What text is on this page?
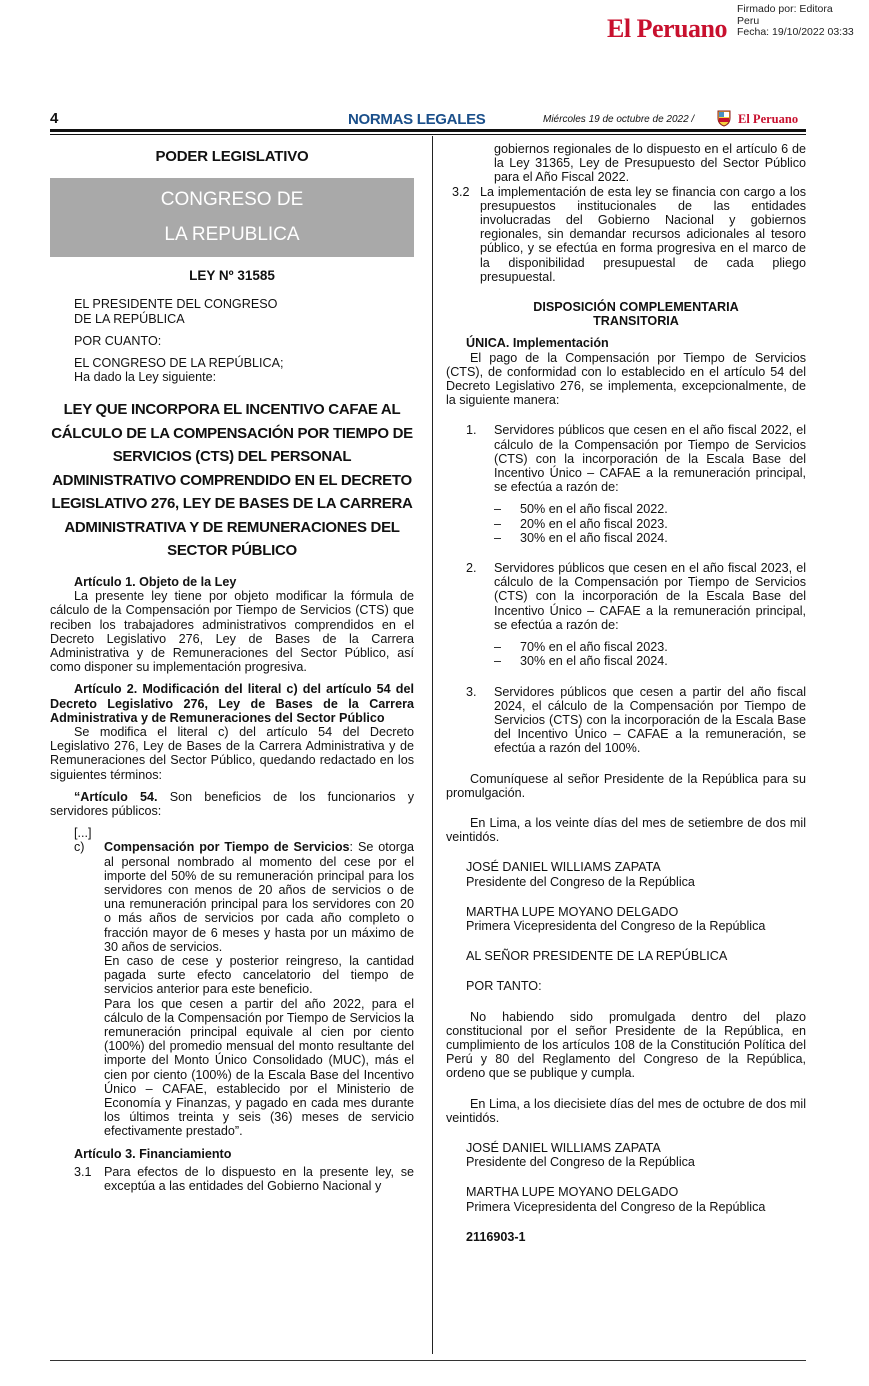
El Peruano
Firmado por: Editora
Peru
Fecha: 19/10/2022 03:33
4	NORMAS LEGALES	Miércoles 19 de octubre de 2022 /	El Peruano
PODER LEGISLATIVO
CONGRESO DE
LA REPUBLICA
LEY Nº 31585

EL PRESIDENTE DEL CONGRESO

DE LA REPÚBLICA

POR CUANTO:

EL CONGRESO DE LA REPÚBLICA;

Ha dado la Ley siguiente:

LEY QUE INCORPORA EL INCENTIVO CAFAE AL CÁLCULO DE LA COMPENSACIÓN POR TIEMPO DE SERVICIOS (CTS) DEL PERSONAL ADMINISTRATIVO COMPRENDIDO EN EL DECRETO LEGISLATIVO 276, LEY DE BASES DE LA CARRERA ADMINISTRATIVA Y DE REMUNERACIONES DEL SECTOR PÚBLICO

Artículo 1. Objeto de la Ley

La presente ley tiene por objeto modificar la fórmula de cálculo de la Compensación por Tiempo de Servicios (CTS) que reciben los trabajadores administrativos comprendidos en el Decreto Legislativo 276, Ley de Bases de la Carrera Administrativa y de Remuneraciones del Sector Público, así como disponer su implementación progresiva.

Artículo 2. Modificación del literal c) del artículo 54 del Decreto Legislativo 276, Ley de Bases de la Carrera Administrativa y de Remuneraciones del Sector Público

Se modifica el literal c) del artículo 54 del Decreto Legislativo 276, Ley de Bases de la Carrera Administrativa y de Remuneraciones del Sector Público, quedando redactado en los siguientes términos:

“Artículo 54. Son beneficios de los funcionarios y servidores públicos:

[...]

c)	Compensación por Tiempo de Servicios: Se otorga al personal nombrado al momento del cese por el importe del 50% de su remuneración principal para los servidores con menos de 20 años de servicios o de una remuneración principal para los servidores con 20 o más años de servicios por cada año completo o fracción mayor de 6 meses y hasta por un máximo de 30 años de servicios.

En caso de cese y posterior reingreso, la cantidad pagada surte efecto cancelatorio del tiempo de servicios anterior para este beneficio.

Para los que cesen a partir del año 2022, para el cálculo de la Compensación por Tiempo de Servicios la remuneración principal equivale al cien por ciento (100%) del promedio mensual del monto resultante del importe del Monto Único Consolidado (MUC), más el cien por ciento (100%) de la Escala Base del Incentivo Único – CAFAE, establecido por el Ministerio de Economía y Finanzas, y pagado en cada mes durante los últimos treinta y seis (36) meses de servicio efectivamente prestado”.

Artículo 3. Financiamiento

3.1 Para efectos de lo dispuesto en la presente ley, se exceptúa a las entidades del Gobierno Nacional y

gobiernos regionales de lo dispuesto en el artículo 6 de la Ley 31365, Ley de Presupuesto del Sector Público para el Año Fiscal 2022.

3.2 La implementación de esta ley se financia con cargo a los presupuestos institucionales de las entidades involucradas del Gobierno Nacional y gobiernos regionales, sin demandar recursos adicionales al tesoro público, y se efectúa en forma progresiva en el marco de la disponibilidad presupuestal de cada pliego presupuestal.

DISPOSICIÓN COMPLEMENTARIA

TRANSITORIA

ÚNICA. Implementación

El pago de la Compensación por Tiempo de Servicios (CTS), de conformidad con lo establecido en el artículo 54 del Decreto Legislativo 276, se implementa, excepcionalmente, de la siguiente manera:

1.	Servidores públicos que cesen en el año fiscal 2022, el cálculo de la Compensación por Tiempo de Servicios (CTS) con la incorporación de la Escala Base del Incentivo Único – CAFAE a la remuneración principal, se efectúa a razón de:
–	50% en el año fiscal 2022.
–	20% en el año fiscal 2023.
–	30% en el año fiscal 2024.
2.	Servidores públicos que cesen en el año fiscal 2023, el cálculo de la Compensación por Tiempo de Servicios (CTS) con la incorporación de la Escala Base del Incentivo Único – CAFAE a la remuneración principal, se efectúa a razón de:
–	70% en el año fiscal 2023.
–	30% en el año fiscal 2024.
3.	Servidores públicos que cesen a partir del año fiscal 2024, el cálculo de la Compensación por Tiempo de Servicios (CTS) con la incorporación de la Escala Base del Incentivo Único – CAFAE a la remuneración, se efectúa a razón del 100%.

Comuníquese al señor Presidente de la República para su promulgación.

En Lima, a los veinte días del mes de setiembre de dos mil veintidós.

JOSÉ DANIEL WILLIAMS ZAPATA

Presidente del Congreso de la República

MARTHA LUPE MOYANO DELGADO

Primera Vicepresidenta del Congreso de la República

AL SEÑOR PRESIDENTE DE LA REPÚBLICA

POR TANTO:

No habiendo sido promulgada dentro del plazo constitucional por el señor Presidente de la República, en cumplimiento de los artículos 108 de la Constitución Política del Perú y 80 del Reglamento del Congreso de la República, ordeno que se publique y cumpla.

En Lima, a los diecisiete días del mes de octubre de dos mil veintidós.

JOSÉ DANIEL WILLIAMS ZAPATA

Presidente del Congreso de la República

MARTHA LUPE MOYANO DELGADO

Primera Vicepresidenta del Congreso de la República

2116903-1
